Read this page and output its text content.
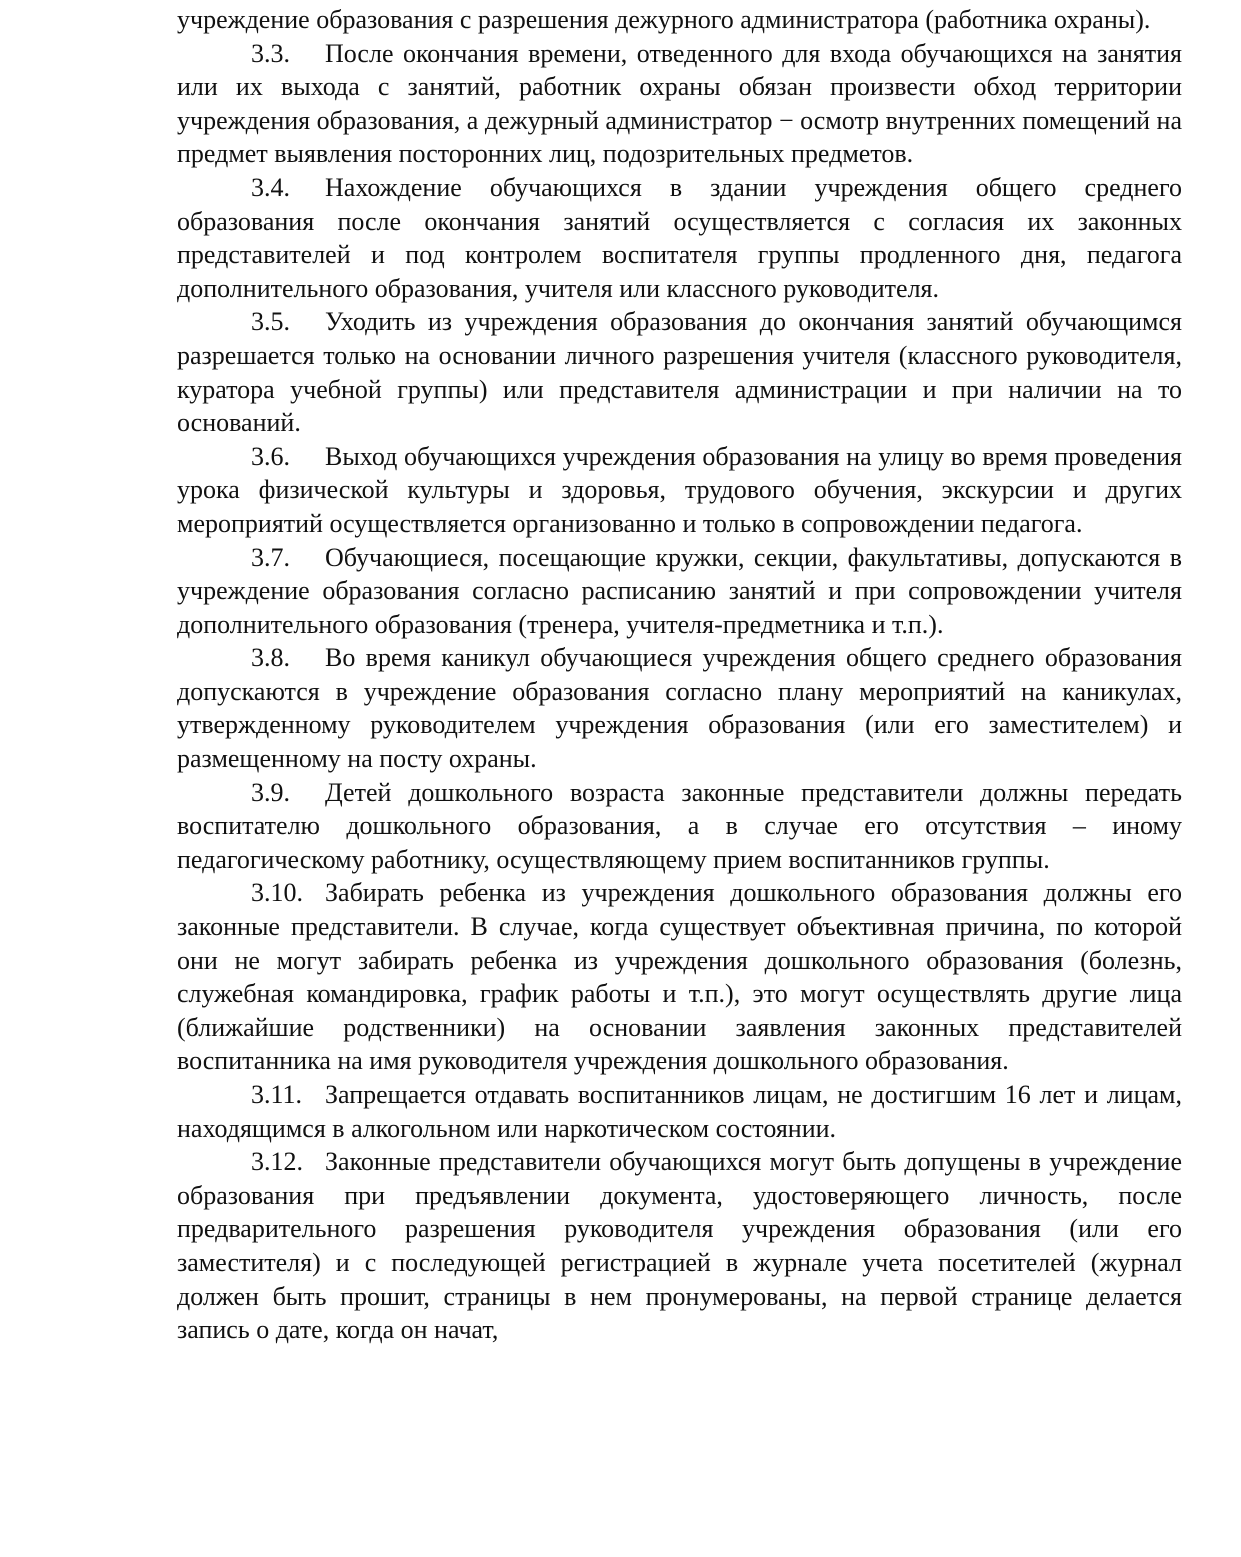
учреждение образования с разрешения дежурного администратора (работника охраны).

3.3. После окончания времени, отведенного для входа обучающихся на занятия или их выхода с занятий, работник охраны обязан произвести обход территории учреждения образования, а дежурный администратор − осмотр внутренних помещений на предмет выявления посторонних лиц, подозрительных предметов.

3.4. Нахождение обучающихся в здании учреждения общего среднего образования после окончания занятий осуществляется с согласия их законных представителей и под контролем воспитателя группы продленного дня, педагога дополнительного образования, учителя или классного руководителя.

3.5. Уходить из учреждения образования до окончания занятий обучающимся разрешается только на основании личного разрешения учителя (классного руководителя, куратора учебной группы) или представителя администрации и при наличии на то оснований.

3.6. Выход обучающихся учреждения образования на улицу во время проведения урока физической культуры и здоровья, трудового обучения, экскурсии и других мероприятий осуществляется организованно и только в сопровождении педагога.

3.7. Обучающиеся, посещающие кружки, секции, факультативы, допускаются в учреждение образования согласно расписанию занятий и при сопровождении учителя дополнительного образования (тренера, учителя-предметника и т.п.).

3.8. Во время каникул обучающиеся учреждения общего среднего образования допускаются в учреждение образования согласно плану мероприятий на каникулах, утвержденному руководителем учреждения образования (или его заместителем) и размещенному на посту охраны.

3.9. Детей дошкольного возраста законные представители должны передать воспитателю дошкольного образования, а в случае его отсутствия – иному педагогическому работнику, осуществляющему прием воспитанников группы.

3.10. Забирать ребенка из учреждения дошкольного образования должны его законные представители. В случае, когда существует объективная причина, по которой они не могут забирать ребенка из учреждения дошкольного образования (болезнь, служебная командировка, график работы и т.п.), это могут осуществлять другие лица (ближайшие родственники) на основании заявления законных представителей воспитанника на имя руководителя учреждения дошкольного образования.

3.11. Запрещается отдавать воспитанников лицам, не достигшим 16 лет и лицам, находящимся в алкогольном или наркотическом состоянии.

3.12. Законные представители обучающихся могут быть допущены в учреждение образования при предъявлении документа, удостоверяющего личность, после предварительного разрешения руководителя учреждения образования (или его заместителя) и с последующей регистрацией в журнале учета посетителей (журнал должен быть прошит, страницы в нем пронумерованы, на первой странице делается запись о дате, когда он начат,
